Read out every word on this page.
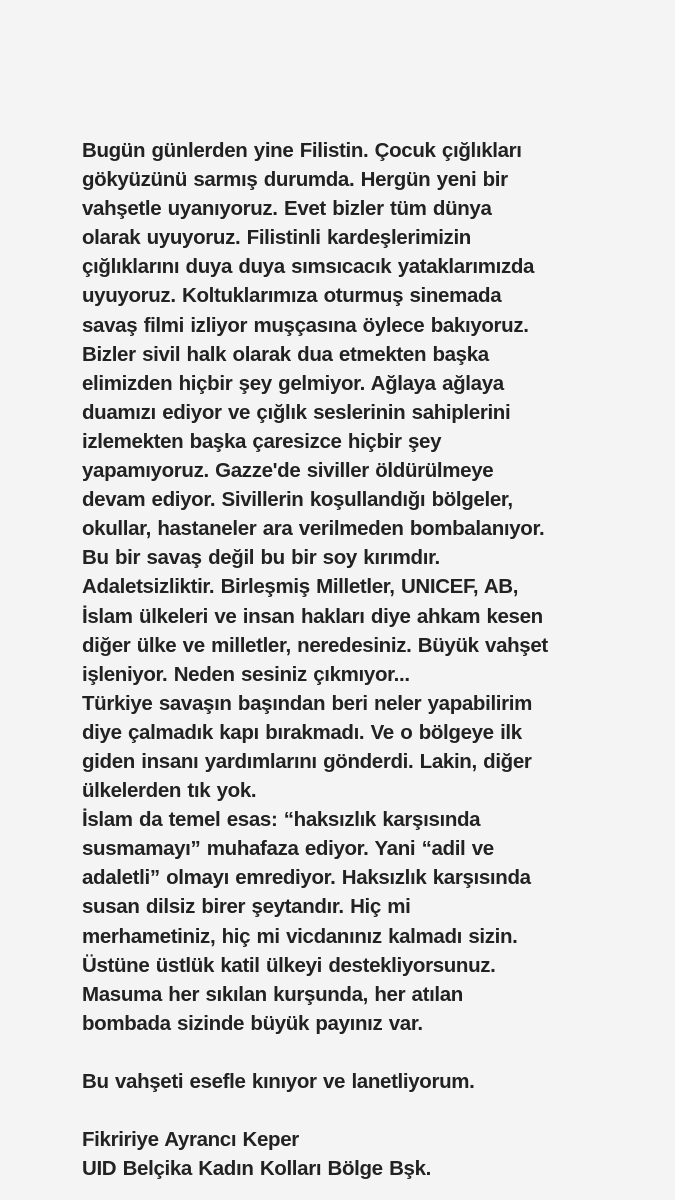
Bugün günlerden yine Filistin. Çocuk çığlıkları
gökyüzünü sarmış durumda. Hergün yeni bir
vahşetle uyanıyoruz. Evet bizler tüm dünya
olarak uyuyoruz. Filistinli kardeşlerimizin
çığlıklarını duya duya sımsıcacık yataklarımızda
uyuyoruz. Koltuklarımıza oturmuş sinemada
savaş filmi izliyor muşçasına öylece bakıyoruz.
Bizler sivil halk olarak dua etmekten başka
elimizden hiçbir şey gelmiyor. Ağlaya ağlaya
duamızı ediyor ve çığlık seslerinin sahiplerini
izlemekten başka çaresizce hiçbir şey
yapamıyoruz. Gazze'de siviller öldürülmeye
devam ediyor. Sivillerin koşullandığı bölgeler,
okullar, hastaneler ara verilmeden bombalanıyor.
Bu bir savaş değil bu bir soy kırımdır.
Adaletsizliktir. Birleşmiş Milletler, UNICEF, AB,
İslam ülkeleri ve insan hakları diye ahkam kesen
diğer ülke ve milletler, neredesiniz. Büyük vahşet
işleniyor. Neden sesiniz çıkmıyor...
Türkiye savaşın başından beri neler yapabilirim
diye çalmadık kapı bırakmadı. Ve o bölgeye ilk
giden insanı yardımlarını gönderdi. Lakin, diğer
ülkelerden tık yok.
İslam da temel esas: “haksızlık karşısında
susmamayı” muhafaza ediyor. Yani “adil ve
adaletli” olmayı emrediyor. Haksızlık karşısında
susan dilsiz birer şeytandır. Hiç mi
merhametiniz, hiç mi vicdanınız kalmadı sizin.
Üstüne üstlük katil ülkeyi destekliyorsunuz.
Masuma her sıkılan kurşunda, her atılan
bombada sizinde büyük payınız var.
Bu vahşeti esefle kınıyor ve lanetliyorum.
Fikririye Ayrancı Keper
UID Belçika Kadın Kolları Bölge Bşk.
